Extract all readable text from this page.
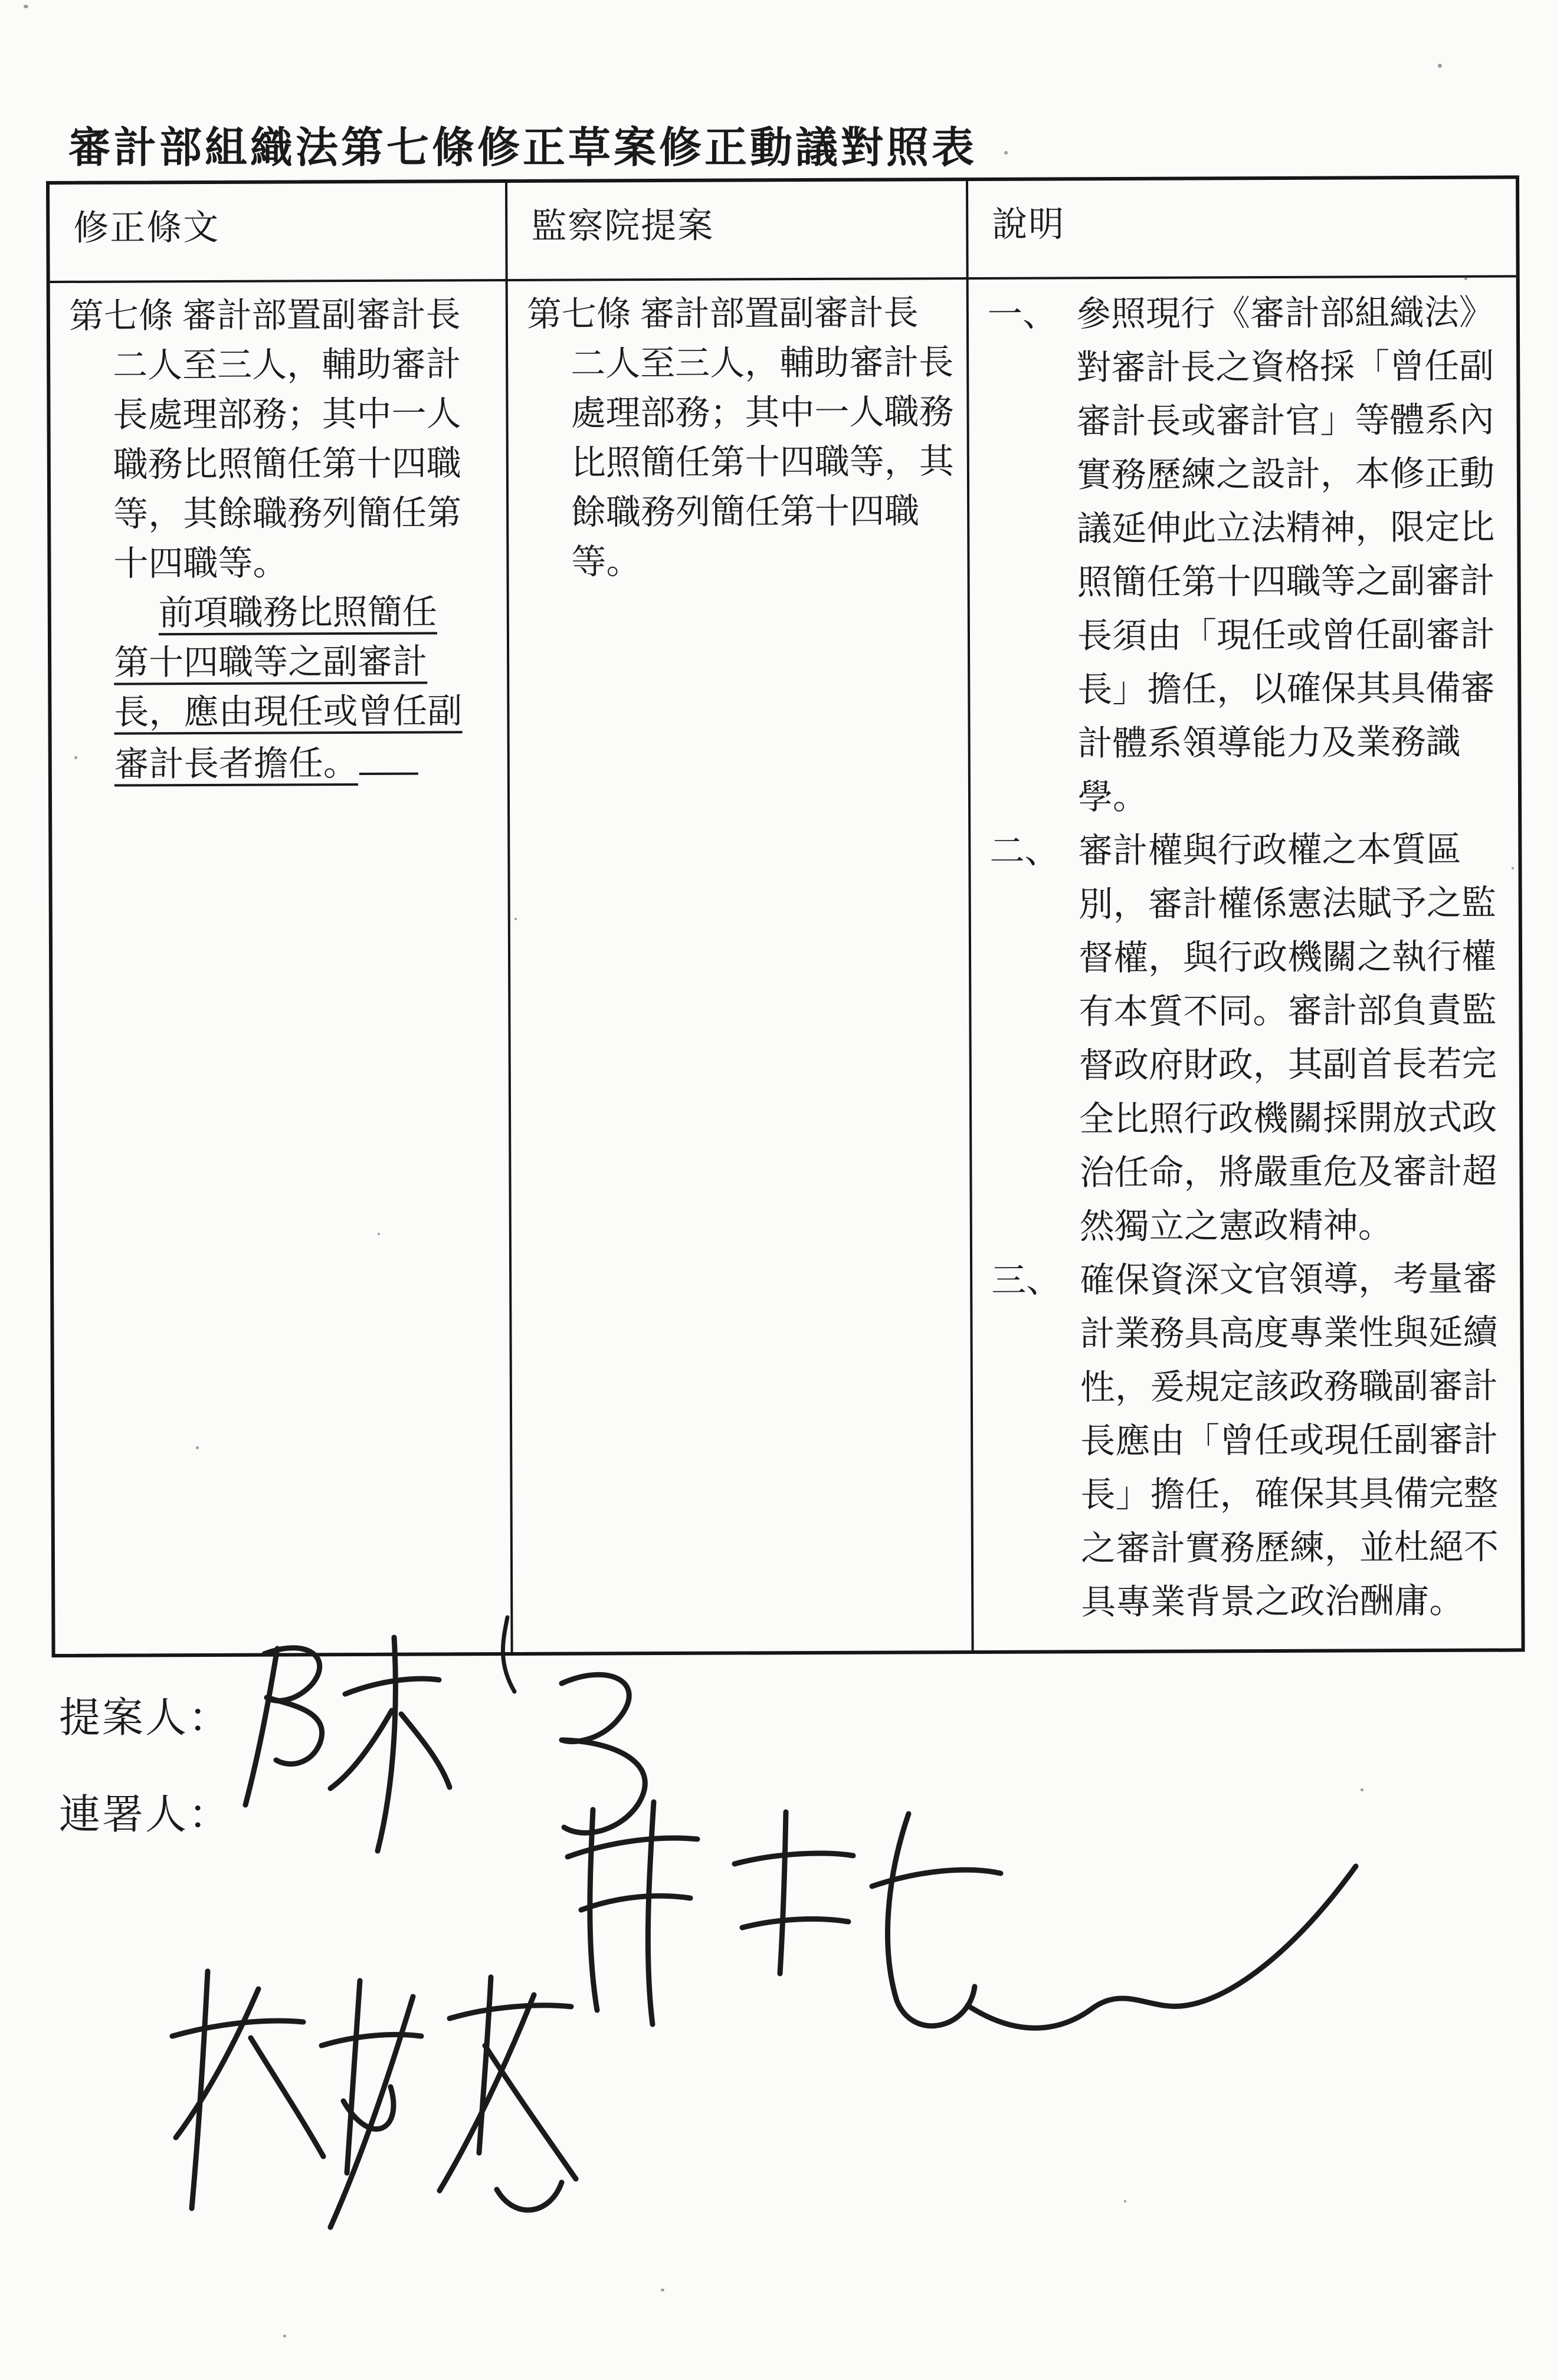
審計部組織法第七條修正草案修正動議對照表
修正條文	監察院提案	說明
第七條 審計部置副審計長
二人至三人，輔助審計
長處理部務；其中一人
職務比照簡任第十四職
等，其餘職務列簡任第
十四職等。
前項職務比照簡任
第十四職等之副審計
長，應由現任或曾任副
審計長者擔任。
第七條 審計部置副審計長
二人至三人，輔助審計長
處理部務；其中一人職務
比照簡任第十四職等，其
餘職務列簡任第十四職
等。
一、 參照現行《審計部組織法》
對審計長之資格採「曾任副
審計長或審計官」等體系內
實務歷練之設計，本修正動
議延伸此立法精神，限定比
照簡任第十四職等之副審計
長須由「現任或曾任副審計
長」擔任，以確保其具備審
計體系領導能力及業務識
學。
二、 審計權與行政權之本質區
別，審計權係憲法賦予之監
督權，與行政機關之執行權
有本質不同。審計部負責監
督政府財政，其副首長若完
全比照行政機關採開放式政
治任命，將嚴重危及審計超
然獨立之憲政精神。
三、 確保資深文官領導，考量審
計業務具高度專業性與延續
性，爰規定該政務職副審計
長應由「曾任或現任副審計
長」擔任，確保其具備完整
之審計實務歷練，並杜絕不
具專業背景之政治酬庸。
提案人：
連署人：
